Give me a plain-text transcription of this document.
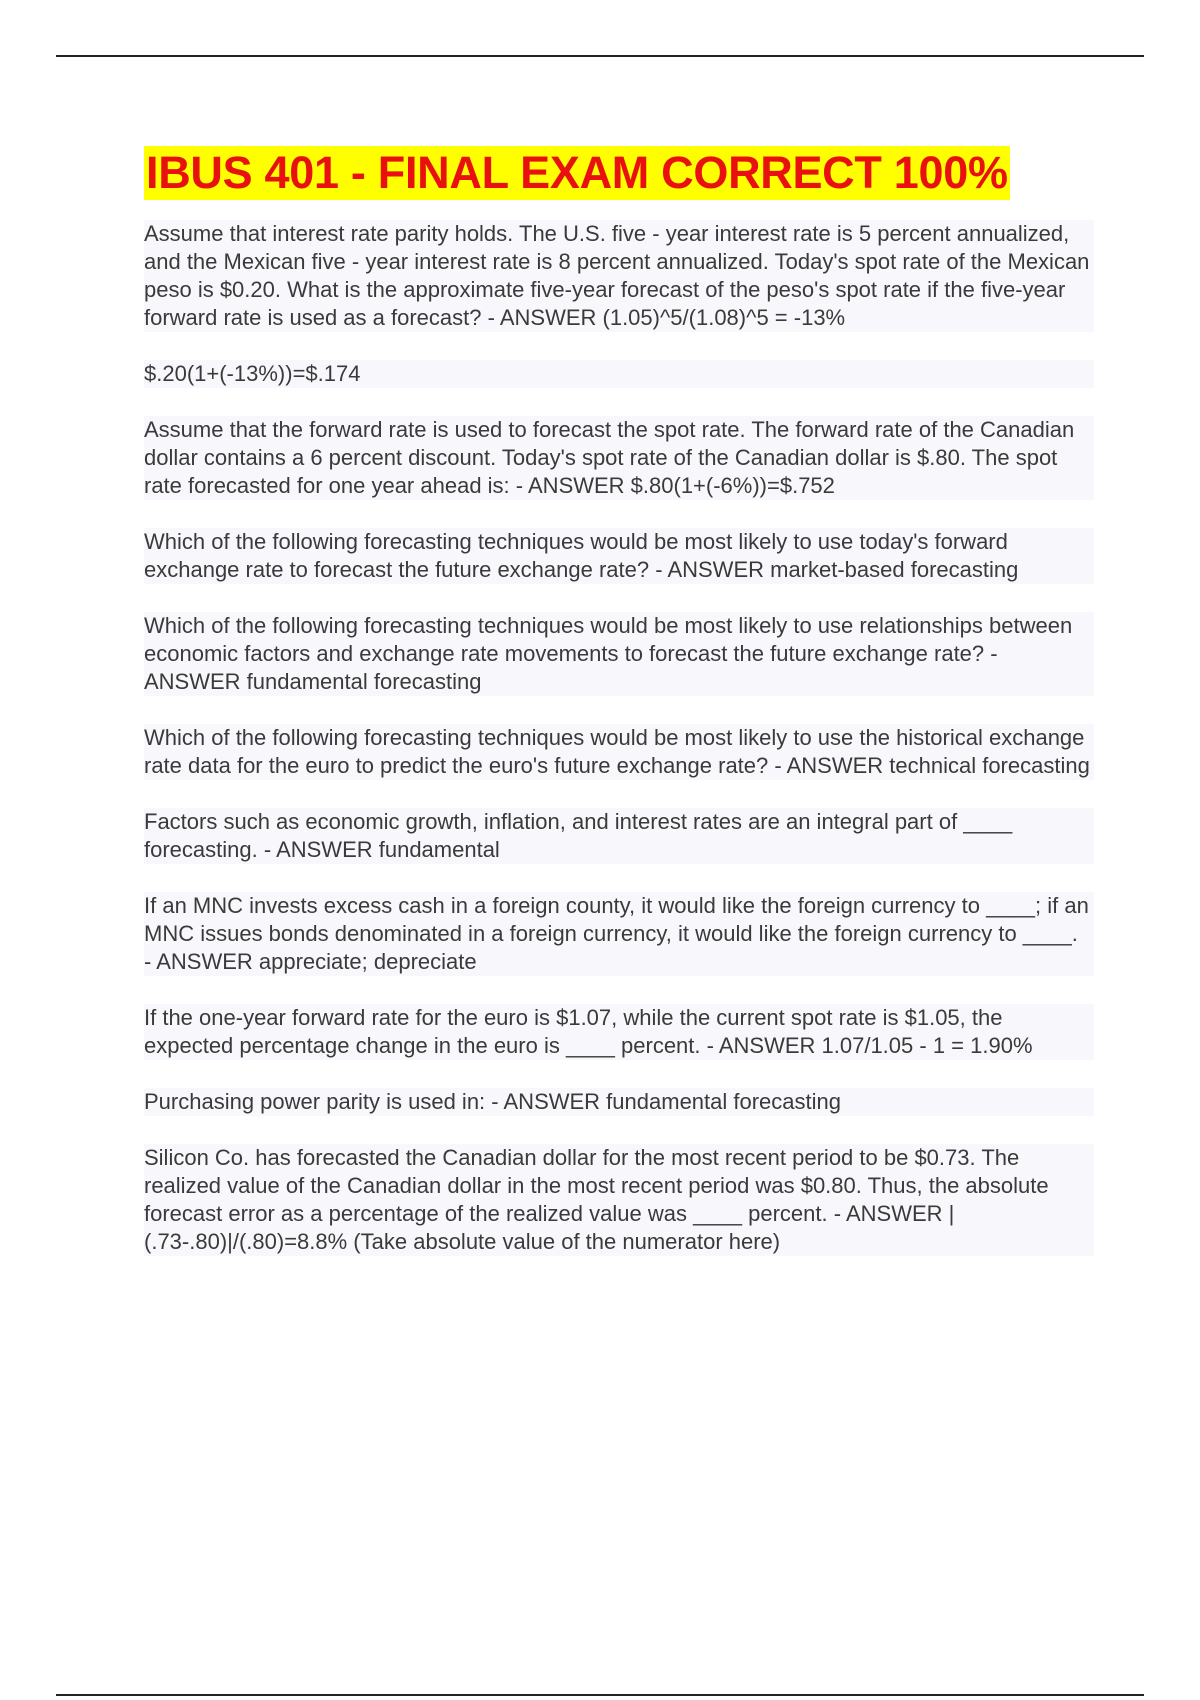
IBUS 401 - FINAL EXAM CORRECT 100%

Assume that interest rate parity holds. The U.S. five - year interest rate is 5 percent annualized, and the Mexican five - year interest rate is 8 percent annualized. Today's spot rate of the Mexican peso is $0.20. What is the approximate five-year forecast of the peso's spot rate if the five-year forward rate is used as a forecast? - ANSWER (1.05)^5/(1.08)^5 = -13%

$.20(1+(-13%))=$.174

Assume that the forward rate is used to forecast the spot rate. The forward rate of the Canadian dollar contains a 6 percent discount. Today's spot rate of the Canadian dollar is $.80. The spot rate forecasted for one year ahead is: - ANSWER $.80(1+(-6%))=$.752

Which of the following forecasting techniques would be most likely to use today's forward exchange rate to forecast the future exchange rate? - ANSWER market-based forecasting

Which of the following forecasting techniques would be most likely to use relationships between economic factors and exchange rate movements to forecast the future exchange rate? - ANSWER fundamental forecasting

Which of the following forecasting techniques would be most likely to use the historical exchange rate data for the euro to predict the euro's future exchange rate? - ANSWER technical forecasting

Factors such as economic growth, inflation, and interest rates are an integral part of ____ forecasting. - ANSWER fundamental

If an MNC invests excess cash in a foreign county, it would like the foreign currency to ____; if an MNC issues bonds denominated in a foreign currency, it would like the foreign currency to ____. - ANSWER appreciate; depreciate

If the one-year forward rate for the euro is $1.07, while the current spot rate is $1.05, the expected percentage change in the euro is ____ percent. - ANSWER 1.07/1.05 - 1 = 1.90%

Purchasing power parity is used in: - ANSWER fundamental forecasting

Silicon Co. has forecasted the Canadian dollar for the most recent period to be $0.73. The realized value of the Canadian dollar in the most recent period was $0.80. Thus, the absolute forecast error as a percentage of the realized value was ____ percent. - ANSWER |(.73-.80)|/(.80)=8.8% (Take absolute value of the numerator here)
